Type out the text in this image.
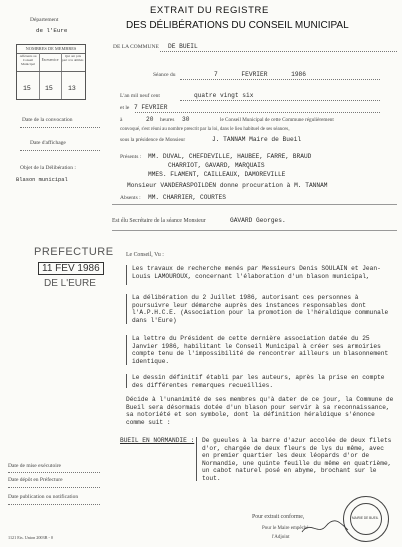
EXTRAIT DU REGISTRE
DES DÉLIBÉRATIONS DU CONSEIL MUNICIPAL
DE LA COMMUNE DE BUEIL
Département
de l'Eure
NOMBRES DE MEMBRES
Afférents au Conseil Municipal
En exercice
Qui ont pris part à la délibér.
15 15 13
Date de la convocation
Date d'affichage
Objet de la Délibération :
Blason municipal
Date de mise exécutoire
Date dépôt en Préfecture
Date publication ou notification
1121 Ets. Union 2003B - 0
Séance du	7 FEVRIER 1986
L'an mil neuf cent	quatre vingt six
et le 7 FEVRIER
à	20 heures 30	le Conseil Municipal de cette Commune régulièrement
convoqué, s'est réuni au nombre prescrit par la loi, dans le lieu habituel de ses séances,
sous la présidence de Monsieur	J. TANNAM Maire de Bueil
Présents : MM. DUVAL, CHEFDEVILLE, HAUBEE, FARRE, BRAUD
CHARRIOT, GAVARD, MARQUAIS
MMES. FLAMENT, CAILLEAUX, DAMOREVILLE
Monsieur VANDERASPOILDEN donne procuration à M. TANNAM
Absents : MM. CHARRIER, COURTES
Est élu Secrétaire de la séance Monsieur	GAVARD Georges.
PREFECTURE
11 FEV 1986
DE L'EURE
Le Conseil, Vu :
Les travaux de recherche menés par Messieurs Denis SOULAIN et Jean-Louis LAMOUROUX, concernant l'élaboration d'un blason municipal,
La délibération du 2 Juillet 1986, autorisant ces personnes à poursuivre leur démarche auprès des instances responsables dont l'A.P.H.C.E. (Association pour la promotion de l'héraldique communale dans l'Eure)
La lettre du Président de cette dernière association datée du 25 Janvier 1986, habilitant le Conseil Municipal à créer ses armoiries compte tenu de l'impossibilité de rencontrer ailleurs un blasonnement identique.
Le dessin définitif établi par les auteurs, après la prise en compte des différentes remarques recueillies.
Décide à l'unanimité de ses membres qu'à dater de ce jour, la Commune de Bueil sera désormais dotée d'un blason pour servir à sa reconnaissance, sa notoriété et son symbole, dont la définition héraldique s'énonce comme suit :
BUEIL EN NORMANDIE : De gueules à la barre d'azur accolée de deux filets d'or, chargée de deux fleurs de lys du même, avec en premier quartier les deux léopards d'or de Normandie, une quinte feuille du même en quatrième, un cabot naturel posé en abyme, brochant sur le tout.
Pour extrait conforme,
Pour le Maire empêché
l'Adjoint
MAIRIE DE BUEIL
